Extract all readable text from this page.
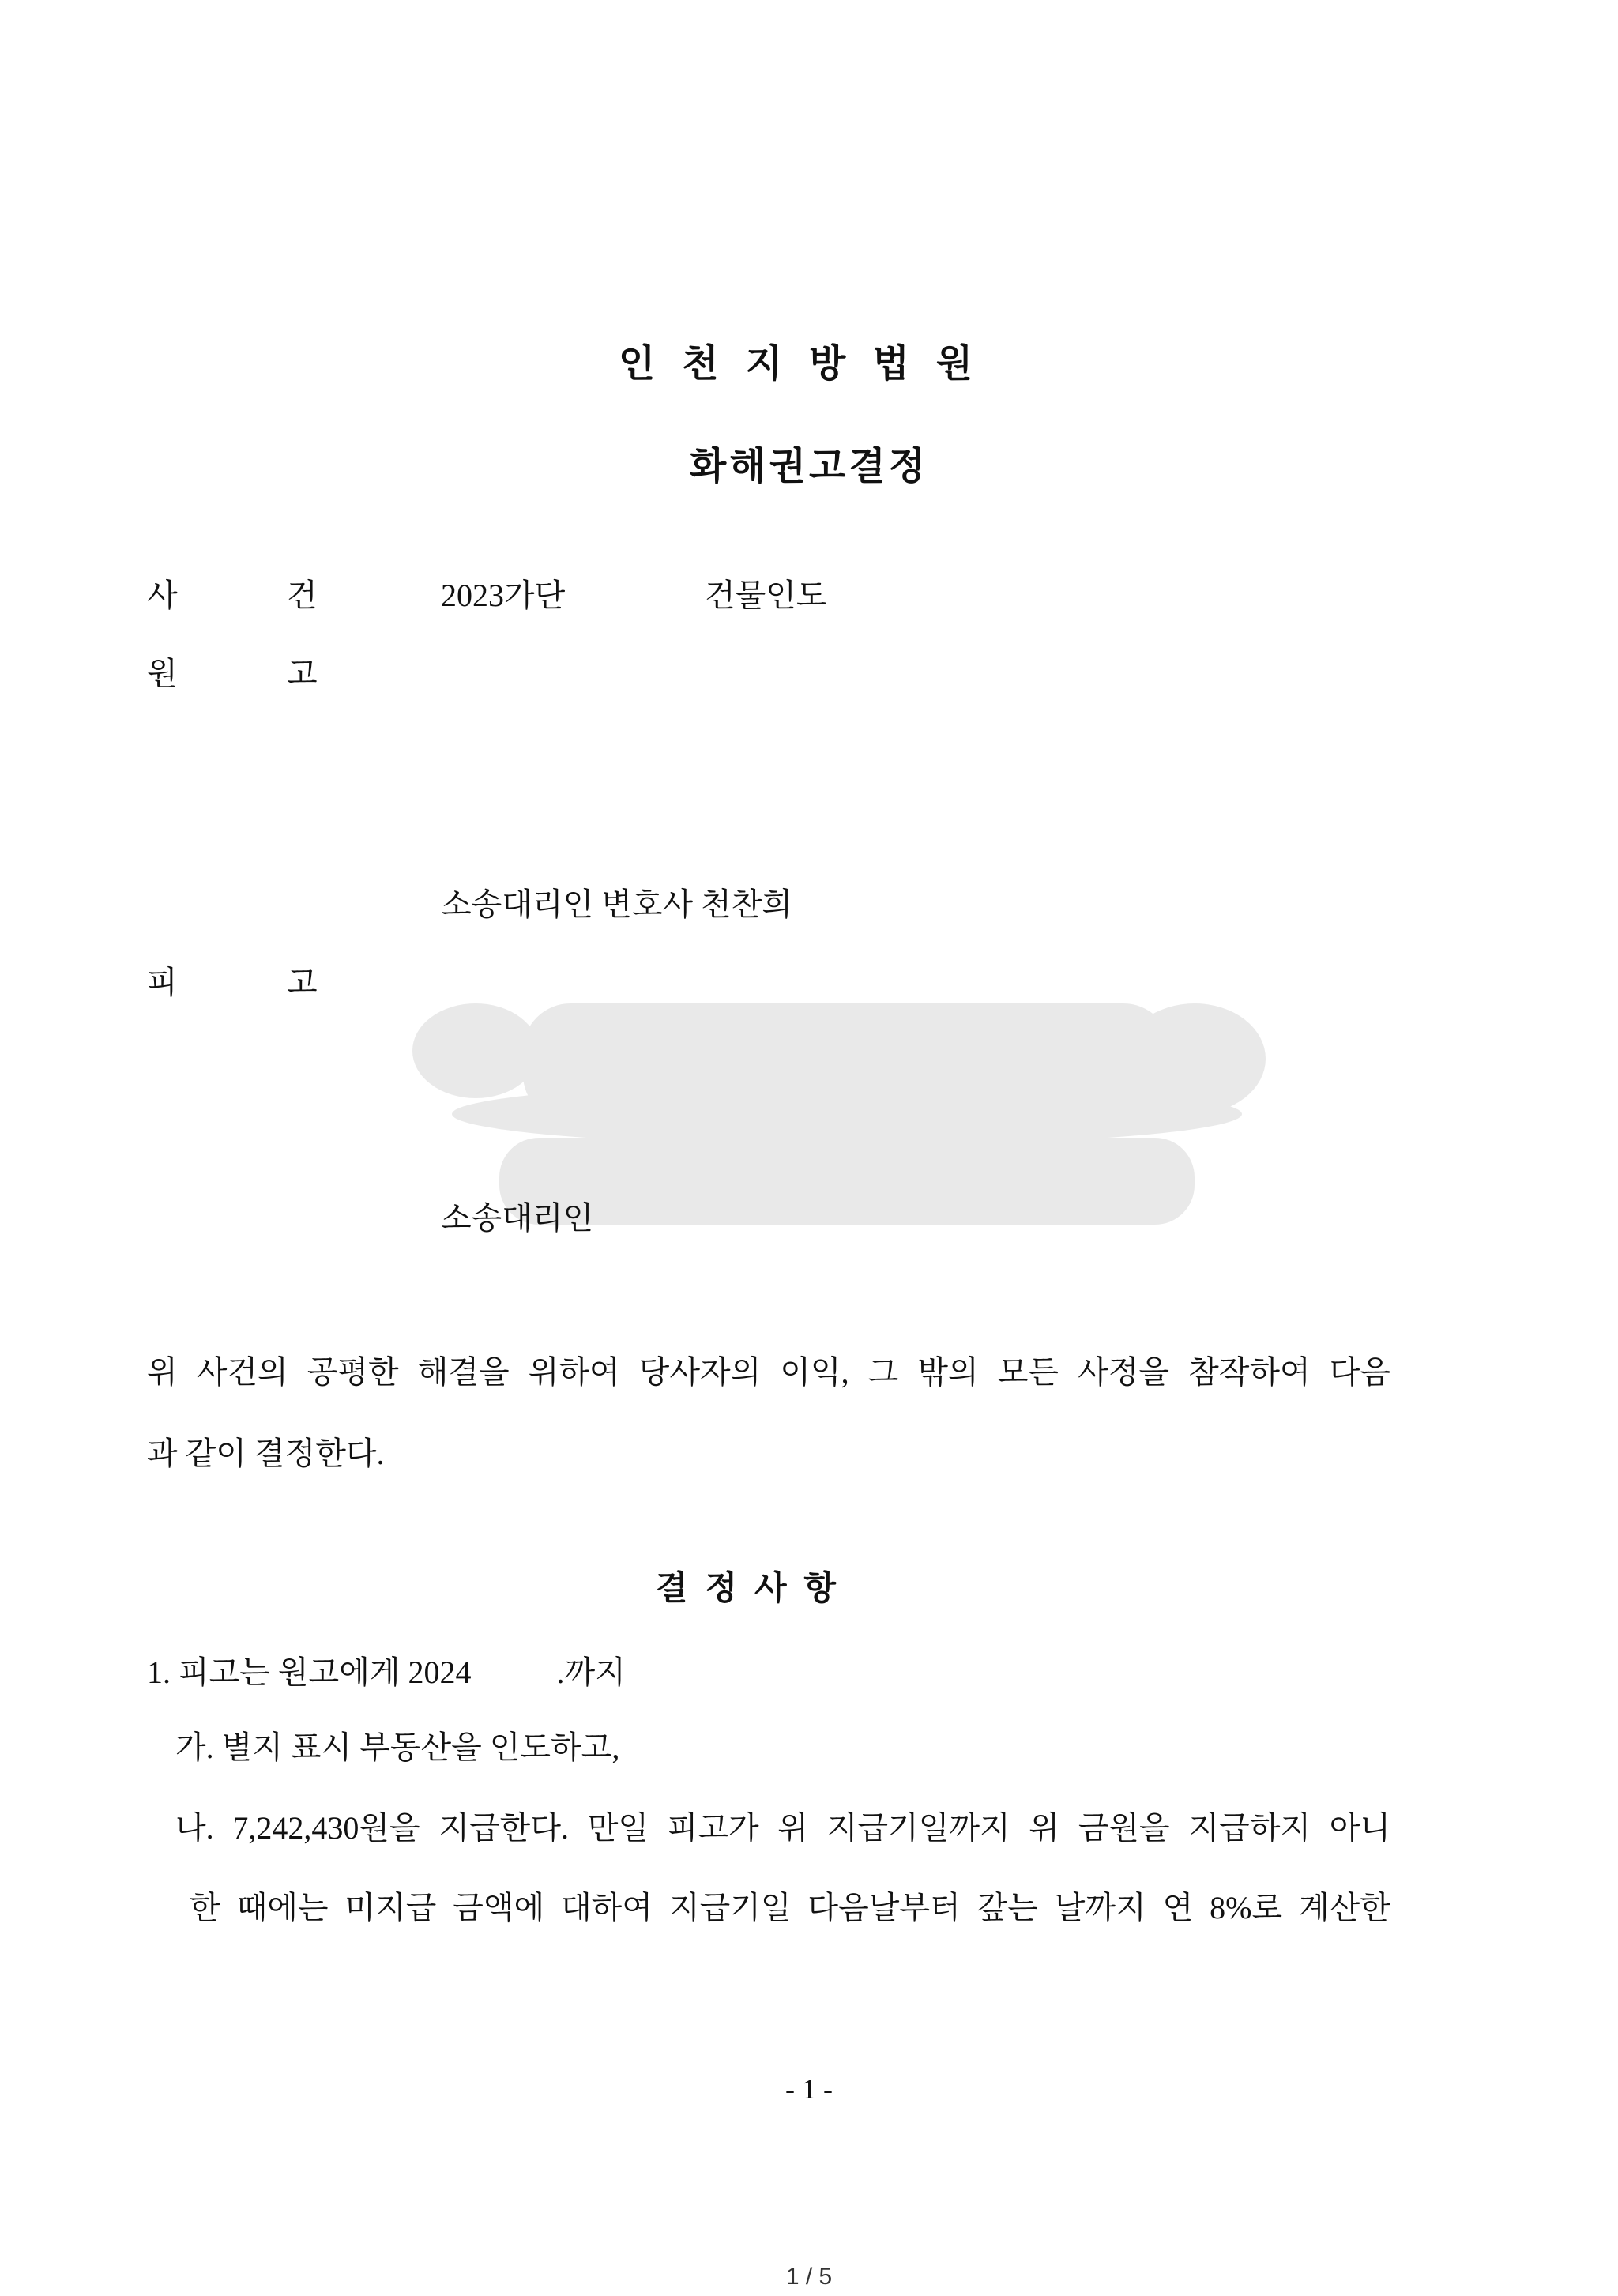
인천지방법원
화해권고결정
사	건	2023가단	건물인도
원	고
소송대리인 변호사 천찬희
피	고
소송대리인
위 사건의 공평한 해결을 위하여 당사자의 이익, 그 밖의 모든 사정을 참작하여 다음
과 같이 결정한다.
결정사항
1. 피고는 원고에게 2024	.까지
가. 별지 표시 부동산을 인도하고,
나. 7,242,430원을 지급한다. 만일 피고가 위 지급기일까지 위 금원을 지급하지 아니
한 때에는 미지급 금액에 대하여 지급기일 다음날부터 갚는 날까지 연 8%로 계산한
- 1 -
1 / 5
